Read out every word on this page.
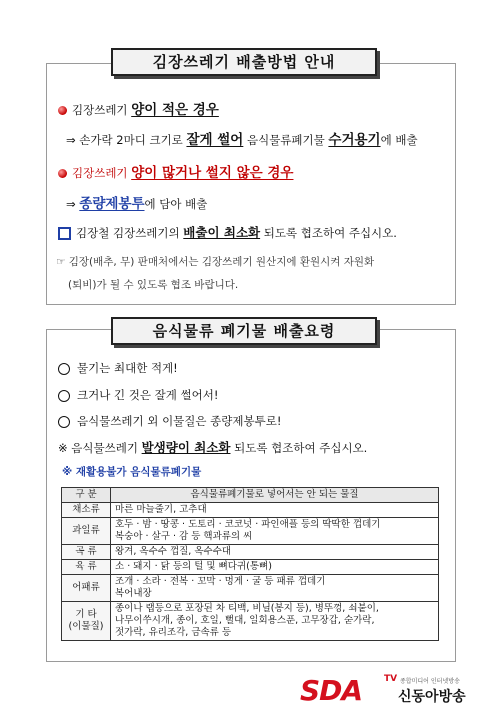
김장쓰레기 배출방법 안내
김장쓰레기 양이 적은 경우
⇒ 손가락 2마디 크기로 잘게 썰어 음식물류폐기물 수거용기에 배출
김장쓰레기 양이 많거나 썰지 않은 경우
⇒ 종량제봉투에 담아 배출
김장철 김장쓰레기의 배출이 최소화 되도록 협조하여 주십시오.
☞ 김장(배추, 무) 판매처에서는 김장쓰레기 원산지에 환원시켜 자원화
(퇴비)가 될 수 있도록 협조 바랍니다.
음식물류 폐기물 배출요령
물기는 최대한 적게!
크거나 긴 것은 잘게 썰어서!
음식물쓰레기 외 이물질은 종량제봉투로!
※ 음식물쓰레기 발생량이 최소화 되도록 협조하여 주십시오.
※ 재활용불가 음식물류폐기물
구 분	음식물류폐기물로 넣어서는 안 되는 물질
채소류	마른 마늘줄기, 고추대
과일류	호두 · 밤 · 땅콩 · 도토리 · 코코넛 · 파인애플 등의 딱딱한 껍데기
복숭아 · 살구 · 감 등 핵과류의 씨
곡 류	왕겨, 옥수수 껍질, 옥수수대
육 류	소 · 돼지 · 닭 등의 털 및 뼈다귀(통뼈)
어패류	조개 · 소라 · 전복 · 꼬막 · 멍게 · 굴 등 패류 껍데기
복어내장
기 타
(이물질)	종이나 랩등으로 포장된 차 티백, 비닐(봉지 등), 병뚜껑, 쇠붙이,
나무이쑤시개, 종이, 호일, 뻘대, 일회용스푼, 고무장갑, 숟가락,
젓가락, 유리조각, 금속류 등
SDA TV 종합미디어 인터넷방송
신동아방송
